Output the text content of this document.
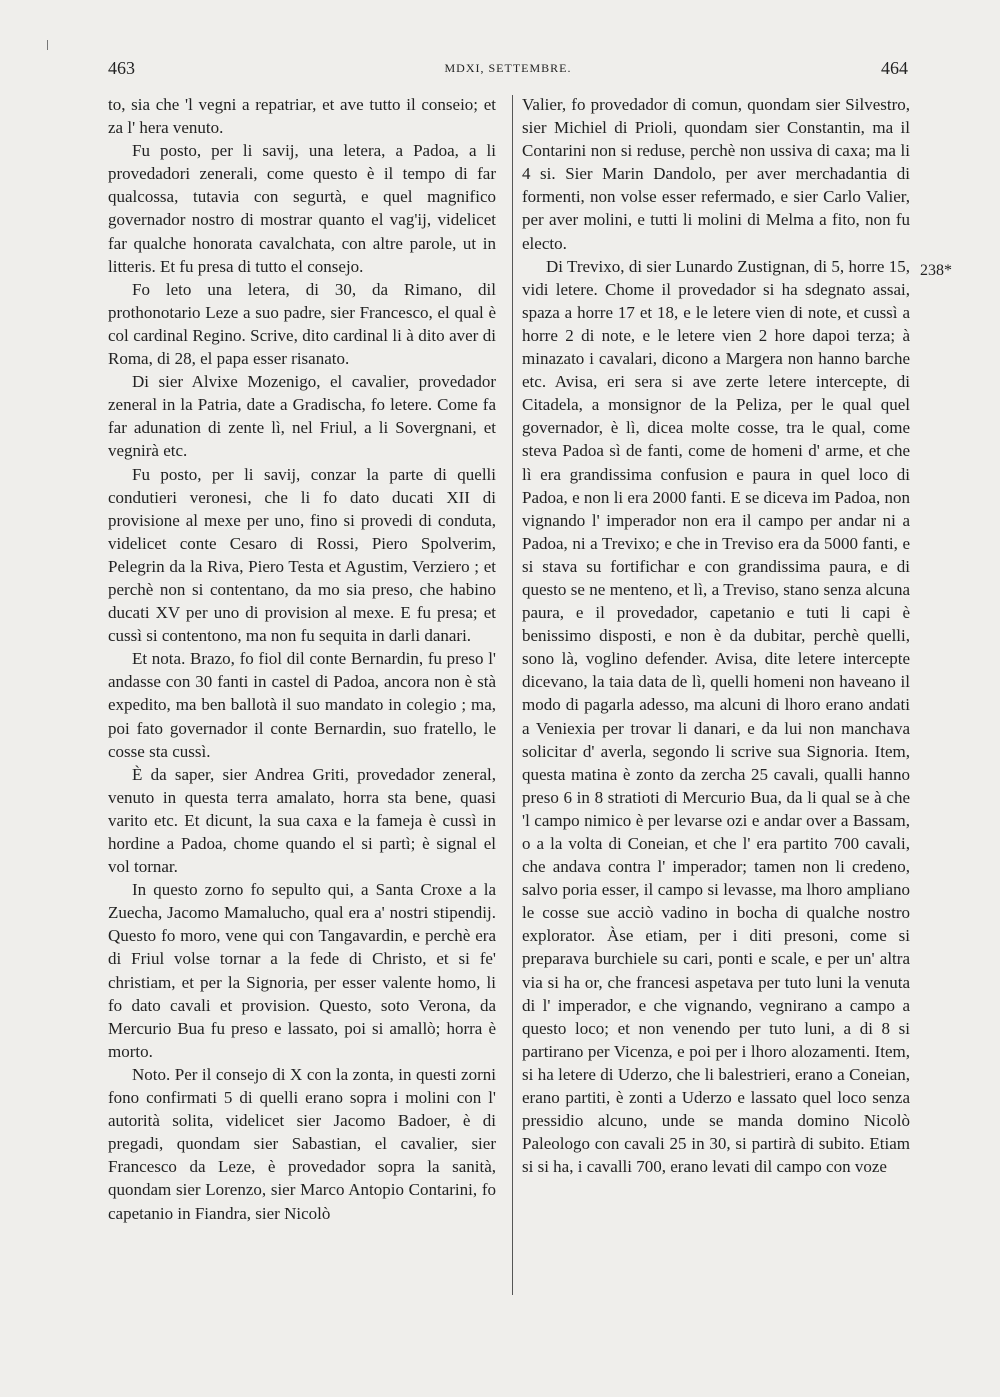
463	MDXI, SETTEMBRE.	464

to, sia che 'l vegni a repatriar, et ave tutto il conseio; et za l' hera venuto.

Fu posto, per li savij, una letera, a Padoa, a li provedadori zenerali, come questo è il tempo di far qualcossa, tutavia con segurtà, e quel magnifico governador nostro di mostrar quanto el vag'ij, videlicet far qualche honorata cavalchata, con altre parole, ut in litteris. Et fu presa di tutto el consejo.

Fo leto una letera, di 30, da Rimano, dil prothonotario Leze a suo padre, sier Francesco, el qual è col cardinal Regino. Scrive, dito cardinal li à dito aver di Roma, di 28, el papa esser risanato.

Di sier Alvixe Mozenigo, el cavalier, provedador zeneral in la Patria, date a Gradischa, fo letere. Come fa far adunation di zente lì, nel Friul, a li Sovergnani, et vegnirà etc.

Fu posto, per li savij, conzar la parte di quelli condutieri veronesi, che li fo dato ducati XII di provisione al mexe per uno, fino si provedi di conduta, videlicet conte Cesaro di Rossi, Piero Spolverim, Pelegrin da la Riva, Piero Testa et Agustim, Verziero ; et perchè non si contentano, da mo sia preso, che habino ducati XV per uno di provision al mexe. E fu presa; et cussì si contentono, ma non fu sequita in darli danari.

Et nota. Brazo, fo fiol dil conte Bernardin, fu preso l' andasse con 30 fanti in castel di Padoa, ancora non è stà expedito, ma ben ballotà il suo mandato in colegio ; ma, poi fato governador il conte Bernardin, suo fratello, le cosse sta cussì.

È da saper, sier Andrea Griti, provedador zeneral, venuto in questa terra amalato, horra sta bene, quasi varito etc. Et dicunt, la sua caxa e la fameja è cussì in hordine a Padoa, chome quando el si partì; è signal el vol tornar.

In questo zorno fo sepulto qui, a Santa Croxe a la Zuecha, Jacomo Mamalucho, qual era a' nostri stipendij. Questo fo moro, vene qui con Tangavardin, e perchè era di Friul volse tornar a la fede di Christo, et si fe' christiam, et per la Signoria, per esser valente homo, li fo dato cavali et provision. Questo, soto Verona, da Mercurio Bua fu preso e lassato, poi si amallò; horra è morto.

Noto. Per il consejo di X con la zonta, in questi zorni fono confirmati 5 di quelli erano sopra i molini con l' autorità solita, videlicet sier Jacomo Badoer, è di pregadi, quondam sier Sabastian, el cavalier, sier Francesco da Leze, è provedador sopra la sanità, quondam sier Lorenzo, sier Marco Antopio Contarini, fo capetanio in Fiandra, sier Nicolò

Valier, fo provedador di comun, quondam sier Silvestro, sier Michiel di Prioli, quondam sier Constantin, ma il Contarini non si reduse, perchè non ussiva di caxa; ma li 4 si. Sier Marin Dandolo, per aver merchadantia di formenti, non volse esser refermado, e sier Carlo Valier, per aver molini, e tutti li molini di Melma a fito, non fu electo.

Di Trevixo, di sier Lunardo Zustignan, di 5, horre 15, vidi letere. Chome il provedador si ha sdegnato assai, spaza a horre 17 et 18, e le letere vien di note, et cussì a horre 2 di note, e le letere vien 2 hore dapoi terza; à minazato i cavalari, dicono a Margera non hanno barche etc. Avisa, eri sera si ave zerte letere intercepte, di Citadela, a monsignor de la Peliza, per le qual quel governador, è lì, dicea molte cosse, tra le qual, come steva Padoa sì de fanti, come de homeni d' arme, et che lì era grandissima confusion e paura in quel loco di Padoa, e non li era 2000 fanti. E se diceva im Padoa, non vignando l' imperador non era il campo per andar ni a Padoa, ni a Trevixo; e che in Treviso era da 5000 fanti, e si stava su fortifichar e con grandissima paura, e di questo se ne mentenо, et lì, a Treviso, stano senza alcuna paura, e il provedador, capetanio e tuti li capi è benissimo disposti, e non è da dubitar, perchè quelli, sono là, voglino defender. Avisa, dite letere intercepte dicevano, la taia data de lì, quelli homeni non haveano il modo di pagarla adesso, ma alcuni di lhoro erano andati a Veniexia per trovar li danari, e da lui non manchava solicitar d' averla, segondo li scrive sua Signoria. Item, questa matina è zonto da zercha 25 cavali, qualli hanno preso 6 in 8 stratioti di Mercurio Bua, da li qual se à che 'l campo nimico è per levarse ozi e andar over a Bassam, o a la volta di Coneian, et che l' era partito 700 cavali, che andava contra l' imperador; tamen non li credeno, salvo poria esser, il campo si levasse, ma lhoro ampliano le cosse sue acciò vadino in bocha di qualche nostro explorator. Àse etiam, per i diti presoni, come si preparava burchiele su cari, ponti e scale, e per un' altra via si ha or, che francesi aspetava per tuto luni la venuta di l' imperador, e che vignando, vegnirano a campo a questo loco; et non venendo per tuto luni, a di 8 si partirano per Vicenza, e poi per i lhoro alozamenti. Item, si ha letere di Uderzo, che li balestrieri, erano a Coneian, erano partiti, è zonti a Uderzo e lassato quel loco senza pressidio alcuno, unde se manda domino Nicolò Paleologo con cavali 25 in 30, si partirà di subito. Etiam si si ha, i cavalli 700, erano levati dil campo con voze

238*
